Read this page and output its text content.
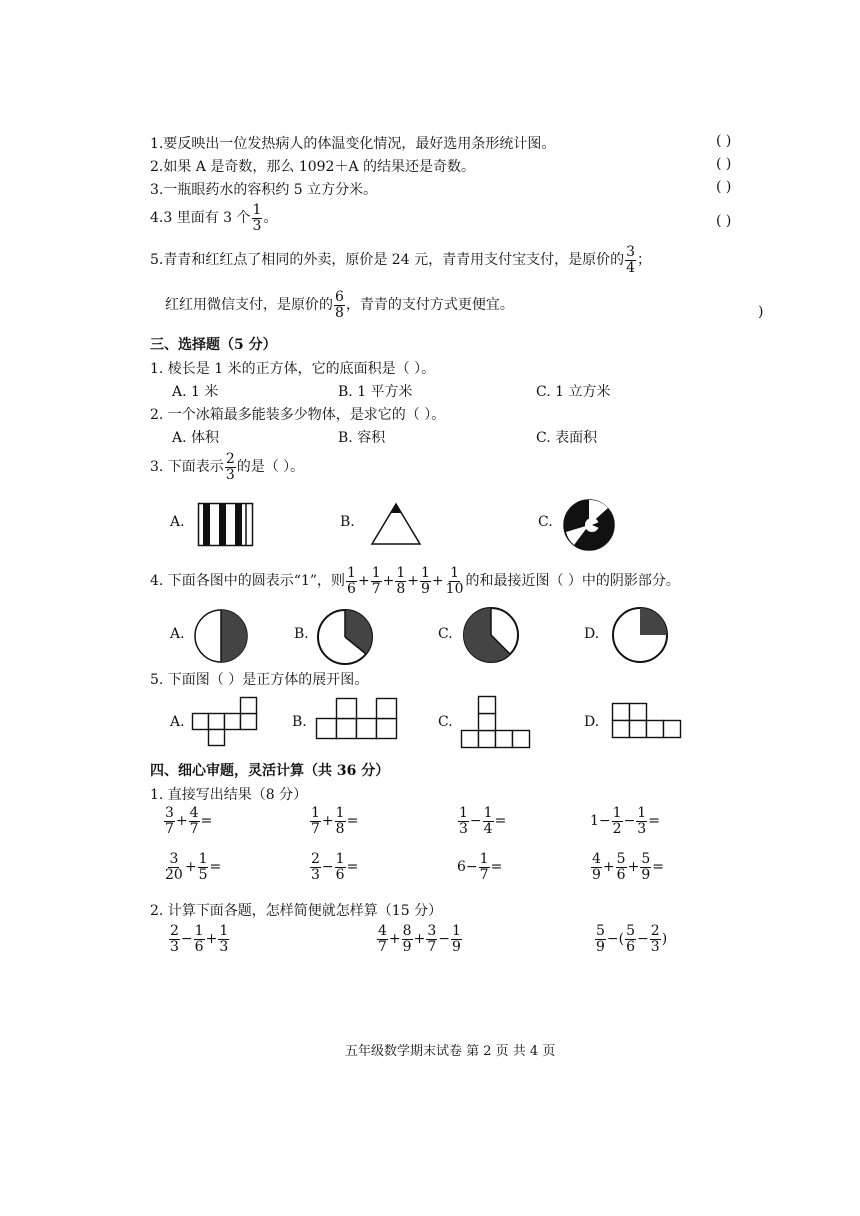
1.要反映出一位发热病人的体温变化情况，最好选用条形统计图。	( )
2.如果 A 是奇数，那么 1092＋A 的结果还是奇数。	( )
3.一瓶眼药水的容积约 5 立方分米。	( )
4.3 里面有 3 个 $\frac{1}{3}$ 。	( )
5.青青和红红点了相同的外卖，原价是 24 元，青青用支付宝支付，是原价的 $\frac{3}{4}$ ；
红红用微信支付，是原价的 $\frac{6}{8}$ ，青青的支付方式更便宜。	)
三、选择题（5 分）
1. 棱长是 1 米的正方体，它的底面积是（ ）。
A. 1 米	B. 1 平方米	C. 1 立方米
2. 一个冰箱最多能装多少物体，是求它的（ ）。
A. 体积	B. 容积	C. 表面积
3. 下面表示 $\frac{2}{3}$ 的是（ ）。
A.	B.	C.
4. 下面各图中的圆表示“1”，则 $\frac{1}{6} + \frac{1}{7} + \frac{1}{8} + \frac{1}{9} + \frac{1}{10}$ 的和最接近图（ ）中的阴影部分。
A.	B.	C.	D.
5. 下面图（ ）是正方体的展开图。
A.	B.	C.	D.
四、细心审题，灵活计算（共 36 分）
1. 直接写出结果（8 分）
$\frac{3}{7} + \frac{4}{7}$ =	$\frac{1}{7} + \frac{1}{8}$ =	$\frac{1}{3} - \frac{1}{4}$ =	$1- \frac{1}{2} - \frac{1}{3}$ =
$\frac{3}{20} + \frac{1}{5}$ =	$\frac{2}{3} - \frac{1}{6}$ =	$6- \frac{1}{7}$ =	$\frac{4}{9} + \frac{5}{6} + \frac{5}{9}$ =
2. 计算下面各题，怎样简便就怎样算（15 分）
$\frac{2}{3} - \frac{1}{6} + \frac{1}{3}$	$\frac{4}{7} + \frac{8}{9} + \frac{3}{7} - \frac{1}{9}$	$\frac{5}{9}$ −( $\frac{5}{6} - \frac{2}{3}$ )
五年级数学期末试卷 第 2 页 共 4 页
